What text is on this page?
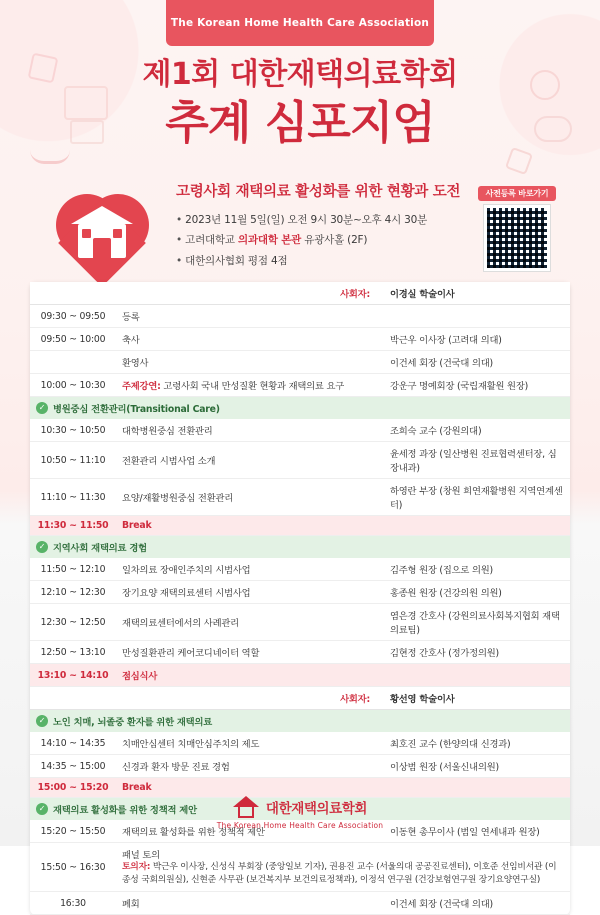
The Korean Home Health Care Association
제1회 대한재택의료학회
추계 심포지엄
고령사회 재택의료 활성화를 위한 현황과 도전
• 2023년 11월 5일(일) 오전 9시 30분~오후 4시 30분
• 고려대학교 의과대학 본관 유광사홀 (2F)
• 대한의사협회 평점 4점
사전등록 바로가기
	사회자:	이경실 학술이사
09:30 ~ 09:50	등록	
09:50 ~ 10:00	축사	박근우 이사장 (고려대 의대)
	환영사	이건세 회장 (건국대 의대)
10:00 ~ 10:30	주제강연: 고령사회 국내 만성질환 현황과 재택의료 요구	강운구 명예회장 (국립재활원 원장)

✓ 병원중심 전환관리(Transitional Care)		

10:30 ~ 10:50	대학병원중심 전환관리	조희숙 교수 (강원의대)
10:50 ~ 11:10	전환관리 시범사업 소개	윤세정 과장 (일산병원 진료협력센터장, 심장내과)
11:10 ~ 11:30	요양/재활병원중심 전환관리	하영란 부장 (창원 희연재활병원 지역연계센터)
11:30 ~ 11:50	Break	

✓ 지역사회 재택의료 경험		

11:50 ~ 12:10	일차의료 장애인주치의 시범사업	김주형 원장 (집으로 의원)
12:10 ~ 12:30	장기요양 재택의료센터 시범사업	홍종원 원장 (건강의원 의원)
12:30 ~ 12:50	재택의료센터에서의 사례관리	염은경 간호사 (강원의료사회복지협회 재택의료팀)
12:50 ~ 13:10	만성질환관리 케어코디네이터 역할	김현정 간호사 (정가정의원)
13:10 ~ 14:10	점심식사	
	사회자:	황선영 학술이사

✓ 노인 치매, 뇌졸중 환자를 위한 재택의료		

14:10 ~ 14:35	치매안심센터 치매안심주치의 제도	최호진 교수 (한양의대 신경과)
14:35 ~ 15:00	신경과 환자 방문 진료 경험	이상범 원장 (서울신내의원)
15:00 ~ 15:20	Break	

✓ 재택의료 활성화를 위한 정책적 제안		

15:20 ~ 15:50	재택의료 활성화를 위한 정책적 제안	이동현 총무이사 (범일 연세내과 원장)
15:50 ~ 16:30	패널 토의
토의자: 박근우 이사장, 신성식 부회장 (중앙일보 기자), 권용진 교수 (서울의대 공공진료센터), 이호준 선임비서관 (이종성 국회의원실), 신현준 사무관 (보건복지부 보건의료정책과), 이정석 연구원 (건강보험연구원 장기요양연구실)	

16:30	폐회	이건세 회장 (건국대 의대)
대한재택의료학회
The Korean Home Health Care Association
